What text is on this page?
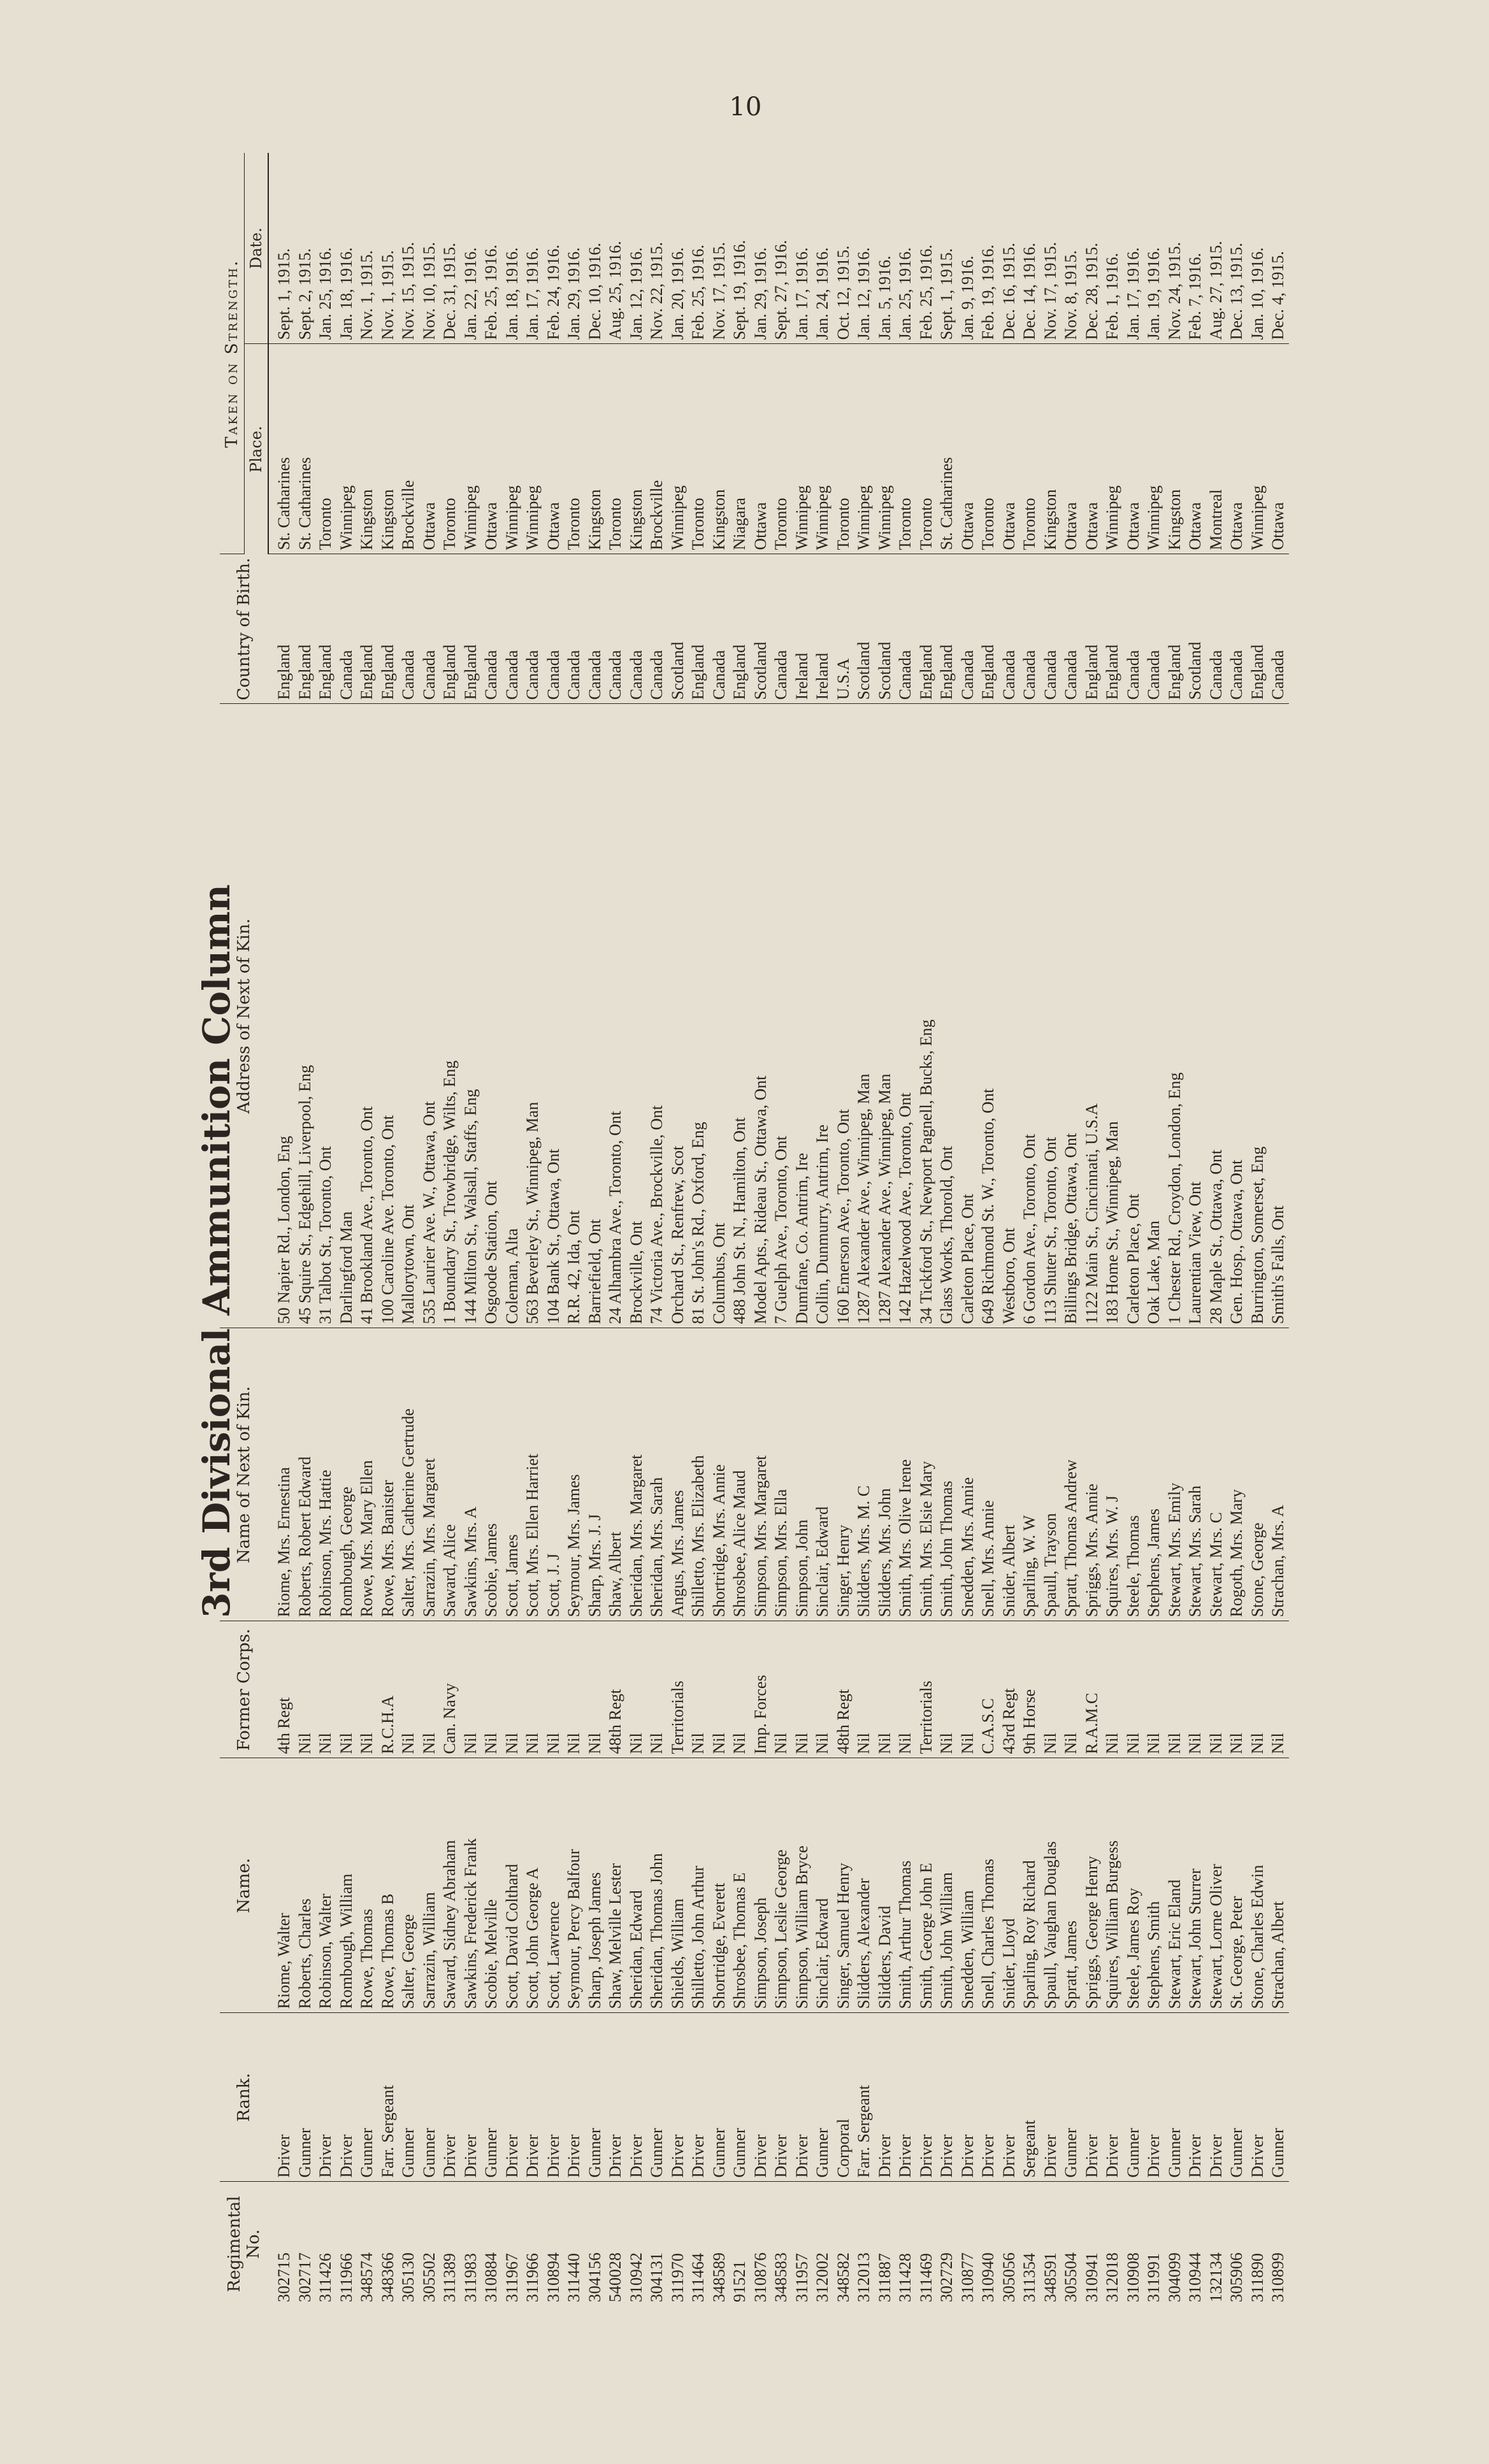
10
3rd Divisional Ammunition Column
Regimental No.	Rank.	Name.	Former Corps.	Name of Next of Kin.	Address of Next of Kin.	Country of Birth.	Taken on Strength.	
							Place.	Date.
302715	Driver	Riome, Walter	4th Regt	Riome, Mrs. Ernestina	50 Napier Rd., London, Eng	England	St. Catharines	Sept. 1, 1915.
302717	Gunner	Roberts, Charles	Nil	Roberts, Robert Edward	45 Squire St., Edgehill, Liverpool, Eng	England	St. Catharines	Sept. 2, 1915.
311426	Driver	Robinson, Walter	Nil	Robinson, Mrs. Hattie	31 Talbot St., Toronto, Ont	England	Toronto	Jan. 25, 1916.
311966	Driver	Rombough, William	Nil	Rombough, George	Darlingford Man	Canada	Winnipeg	Jan. 18, 1916.
348574	Gunner	Rowe, Thomas	Nil	Rowe, Mrs. Mary Ellen	41 Brookland Ave., Toronto, Ont	England	Kingston	Nov. 1, 1915.
348366	Farr. Sergeant	Rowe, Thomas B	R.C.H.A	Rowe, Mrs. Banister	100 Caroline Ave. Toronto, Ont	England	Kingston	Nov. 1, 1915.
305130	Gunner	Salter, George	Nil	Salter, Mrs. Catherine Gertrude	Mallorytown, Ont	Canada	Brockville	Nov. 15, 1915.
305502	Gunner	Sarrazin, William	Nil	Sarrazin, Mrs. Margaret	535 Laurier Ave. W., Ottawa, Ont	Canada	Ottawa	Nov. 10, 1915.
311389	Driver	Saward, Sidney Abraham	Can. Navy	Saward, Alice	1 Boundary St., Trowbridge, Wilts, Eng	England	Toronto	Dec. 31, 1915.
311983	Driver	Sawkins, Frederick Frank	Nil	Sawkins, Mrs. A	144 Milton St., Walsall, Staffs, Eng	England	Winnipeg	Jan. 22, 1916.
310884	Gunner	Scobie, Melville	Nil	Scobie, James	Osgoode Station, Ont	Canada	Ottawa	Feb. 25, 1916.
311967	Driver	Scott, David Colthard	Nil	Scott, James	Coleman, Alta	Canada	Winnipeg	Jan. 18, 1916.
311966	Driver	Scott, John George A	Nil	Scott, Mrs. Ellen Harriet	563 Beverley St., Winnipeg, Man	Canada	Winnipeg	Jan. 17, 1916.
310894	Driver	Scott, Lawrence	Nil	Scott, J. J	104 Bank St., Ottawa, Ont	Canada	Ottawa	Feb. 24, 1916.
311440	Driver	Seymour, Percy Balfour	Nil	Seymour, Mrs. James	R.R. 42, Ida, Ont	Canada	Toronto	Jan. 29, 1916.
304156	Gunner	Sharp, Joseph James	Nil	Sharp, Mrs. J. J	Barriefield, Ont	Canada	Kingston	Dec. 10, 1916.
540028	Driver	Shaw, Melville Lester	48th Regt	Shaw, Albert	24 Alhambra Ave., Toronto, Ont	Canada	Toronto	Aug. 25, 1916.
310942	Driver	Sheridan, Edward	Nil	Sheridan, Mrs. Margaret	Brockville, Ont	Canada	Kingston	Jan. 12, 1916.
304131	Gunner	Sheridan, Thomas John	Nil	Sheridan, Mrs. Sarah	74 Victoria Ave., Brockville, Ont	Canada	Brockville	Nov. 22, 1915.
311970	Driver	Shields, William	Territorials	Angus, Mrs. James	Orchard St., Renfrew, Scot	Scotland	Winnipeg	Jan. 20, 1916.
311464	Driver	Shilletto, John Arthur	Nil	Shilletto, Mrs. Elizabeth	81 St. John's Rd., Oxford, Eng	England	Toronto	Feb. 25, 1916.
348589	Gunner	Shortridge, Everett	Nil	Shortridge, Mrs. Annie	Columbus, Ont	Canada	Kingston	Nov. 17, 1915.
91521	Gunner	Shrosbee, Thomas E	Nil	Shrosbee, Alice Maud	488 John St. N., Hamilton, Ont	England	Niagara	Sept. 19, 1916.
310876	Driver	Simpson, Joseph	Imp. Forces	Simpson, Mrs. Margaret	Model Apts., Rideau St., Ottawa, Ont	Scotland	Ottawa	Jan. 29, 1916.
348583	Driver	Simpson, Leslie George	Nil	Simpson, Mrs. Ella	7 Guelph Ave., Toronto, Ont	Canada	Toronto	Sept. 27, 1916.
311957	Driver	Simpson, William Bryce	Nil	Simpson, John	Dumfane, Co. Antrim, Ire	Ireland	Winnipeg	Jan. 17, 1916.
312002	Gunner	Sinclair, Edward	Nil	Sinclair, Edward	Collin, Dunmurry, Antrim, Ire	Ireland	Winnipeg	Jan. 24, 1916.
348582	Corporal	Singer, Samuel Henry	48th Regt	Singer, Henry	160 Emerson Ave., Toronto, Ont	U.S.A	Toronto	Oct. 12, 1915.
312013	Farr. Sergeant	Slidders, Alexander	Nil	Slidders, Mrs. M. C	1287 Alexander Ave., Winnipeg, Man	Scotland	Winnipeg	Jan. 12, 1916.
311887	Driver	Slidders, David	Nil	Slidders, Mrs. John	1287 Alexander Ave., Winnipeg, Man	Scotland	Winnipeg	Jan. 5, 1916.
311428	Driver	Smith, Arthur Thomas	Nil	Smith, Mrs. Olive Irene	142 Hazelwood Ave., Toronto, Ont	Canada	Toronto	Jan. 25, 1916.
311469	Driver	Smith, George John E	Territorials	Smith, Mrs. Elsie Mary	34 Tickford St., Newport Pagnell, Bucks, Eng	England	Toronto	Feb. 25, 1916.
302729	Driver	Smith, John William	Nil	Smith, John Thomas	Glass Works, Thorold, Ont	England	St. Catharines	Sept. 1, 1915.
310877	Driver	Snedden, William	Nil	Snedden, Mrs. Annie	Carleton Place, Ont	Canada	Ottawa	Jan. 9, 1916.
310940	Driver	Snell, Charles Thomas	C.A.S.C	Snell, Mrs. Annie	649 Richmond St. W., Toronto, Ont	England	Toronto	Feb. 19, 1916.
305056	Driver	Snider, Lloyd	43rd Regt	Snider, Albert	Westboro, Ont	Canada	Ottawa	Dec. 16, 1915.
311354	Sergeant	Sparling, Roy Richard	9th Horse	Sparling, W. W	6 Gordon Ave., Toronto, Ont	Canada	Toronto	Dec. 14, 1916.
348591	Driver	Spaull, Vaughan Douglas	Nil	Spaull, Trayson	113 Shuter St., Toronto, Ont	Canada	Kingston	Nov. 17, 1915.
305504	Gunner	Spratt, James	Nil	Spratt, Thomas Andrew	Billings Bridge, Ottawa, Ont	Canada	Ottawa	Nov. 8, 1915.
310941	Driver	Spriggs, George Henry	R.A.M.C	Spriggs, Mrs. Annie	1122 Main St., Cincinnati, U.S.A	England	Ottawa	Dec. 28, 1915.
312018	Driver	Squires, William Burgess	Nil	Squires, Mrs. W. J	183 Home St., Winnipeg, Man	England	Winnipeg	Feb. 1, 1916.
310908	Gunner	Steele, James Roy	Nil	Steele, Thomas	Carleton Place, Ont	Canada	Ottawa	Jan. 17, 1916.
311991	Driver	Stephens, Smith	Nil	Stephens, James	Oak Lake, Man	Canada	Winnipeg	Jan. 19, 1916.
304099	Gunner	Stewart, Eric Eland	Nil	Stewart, Mrs. Emily	1 Chester Rd., Croydon, London, Eng	England	Kingston	Nov. 24, 1915.
310944	Driver	Stewart, John Sturrer	Nil	Stewart, Mrs. Sarah	Laurentian View, Ont	Scotland	Ottawa	Feb. 7, 1916.
132134	Driver	Stewart, Lorne Oliver	Nil	Stewart, Mrs. C	28 Maple St., Ottawa, Ont	Canada	Montreal	Aug. 27, 1915.
305906	Gunner	St. George, Peter	Nil	Rogoth, Mrs. Mary	Gen. Hosp., Ottawa, Ont	Canada	Ottawa	Dec. 13, 1915.
311890	Driver	Stone, Charles Edwin	Nil	Stone, George	Burrington, Somerset, Eng	England	Winnipeg	Jan. 10, 1916.
310899	Gunner	Strachan, Albert	Nil	Strachan, Mrs. A	Smith's Falls, Ont	Canada	Ottawa	Dec. 4, 1915.
